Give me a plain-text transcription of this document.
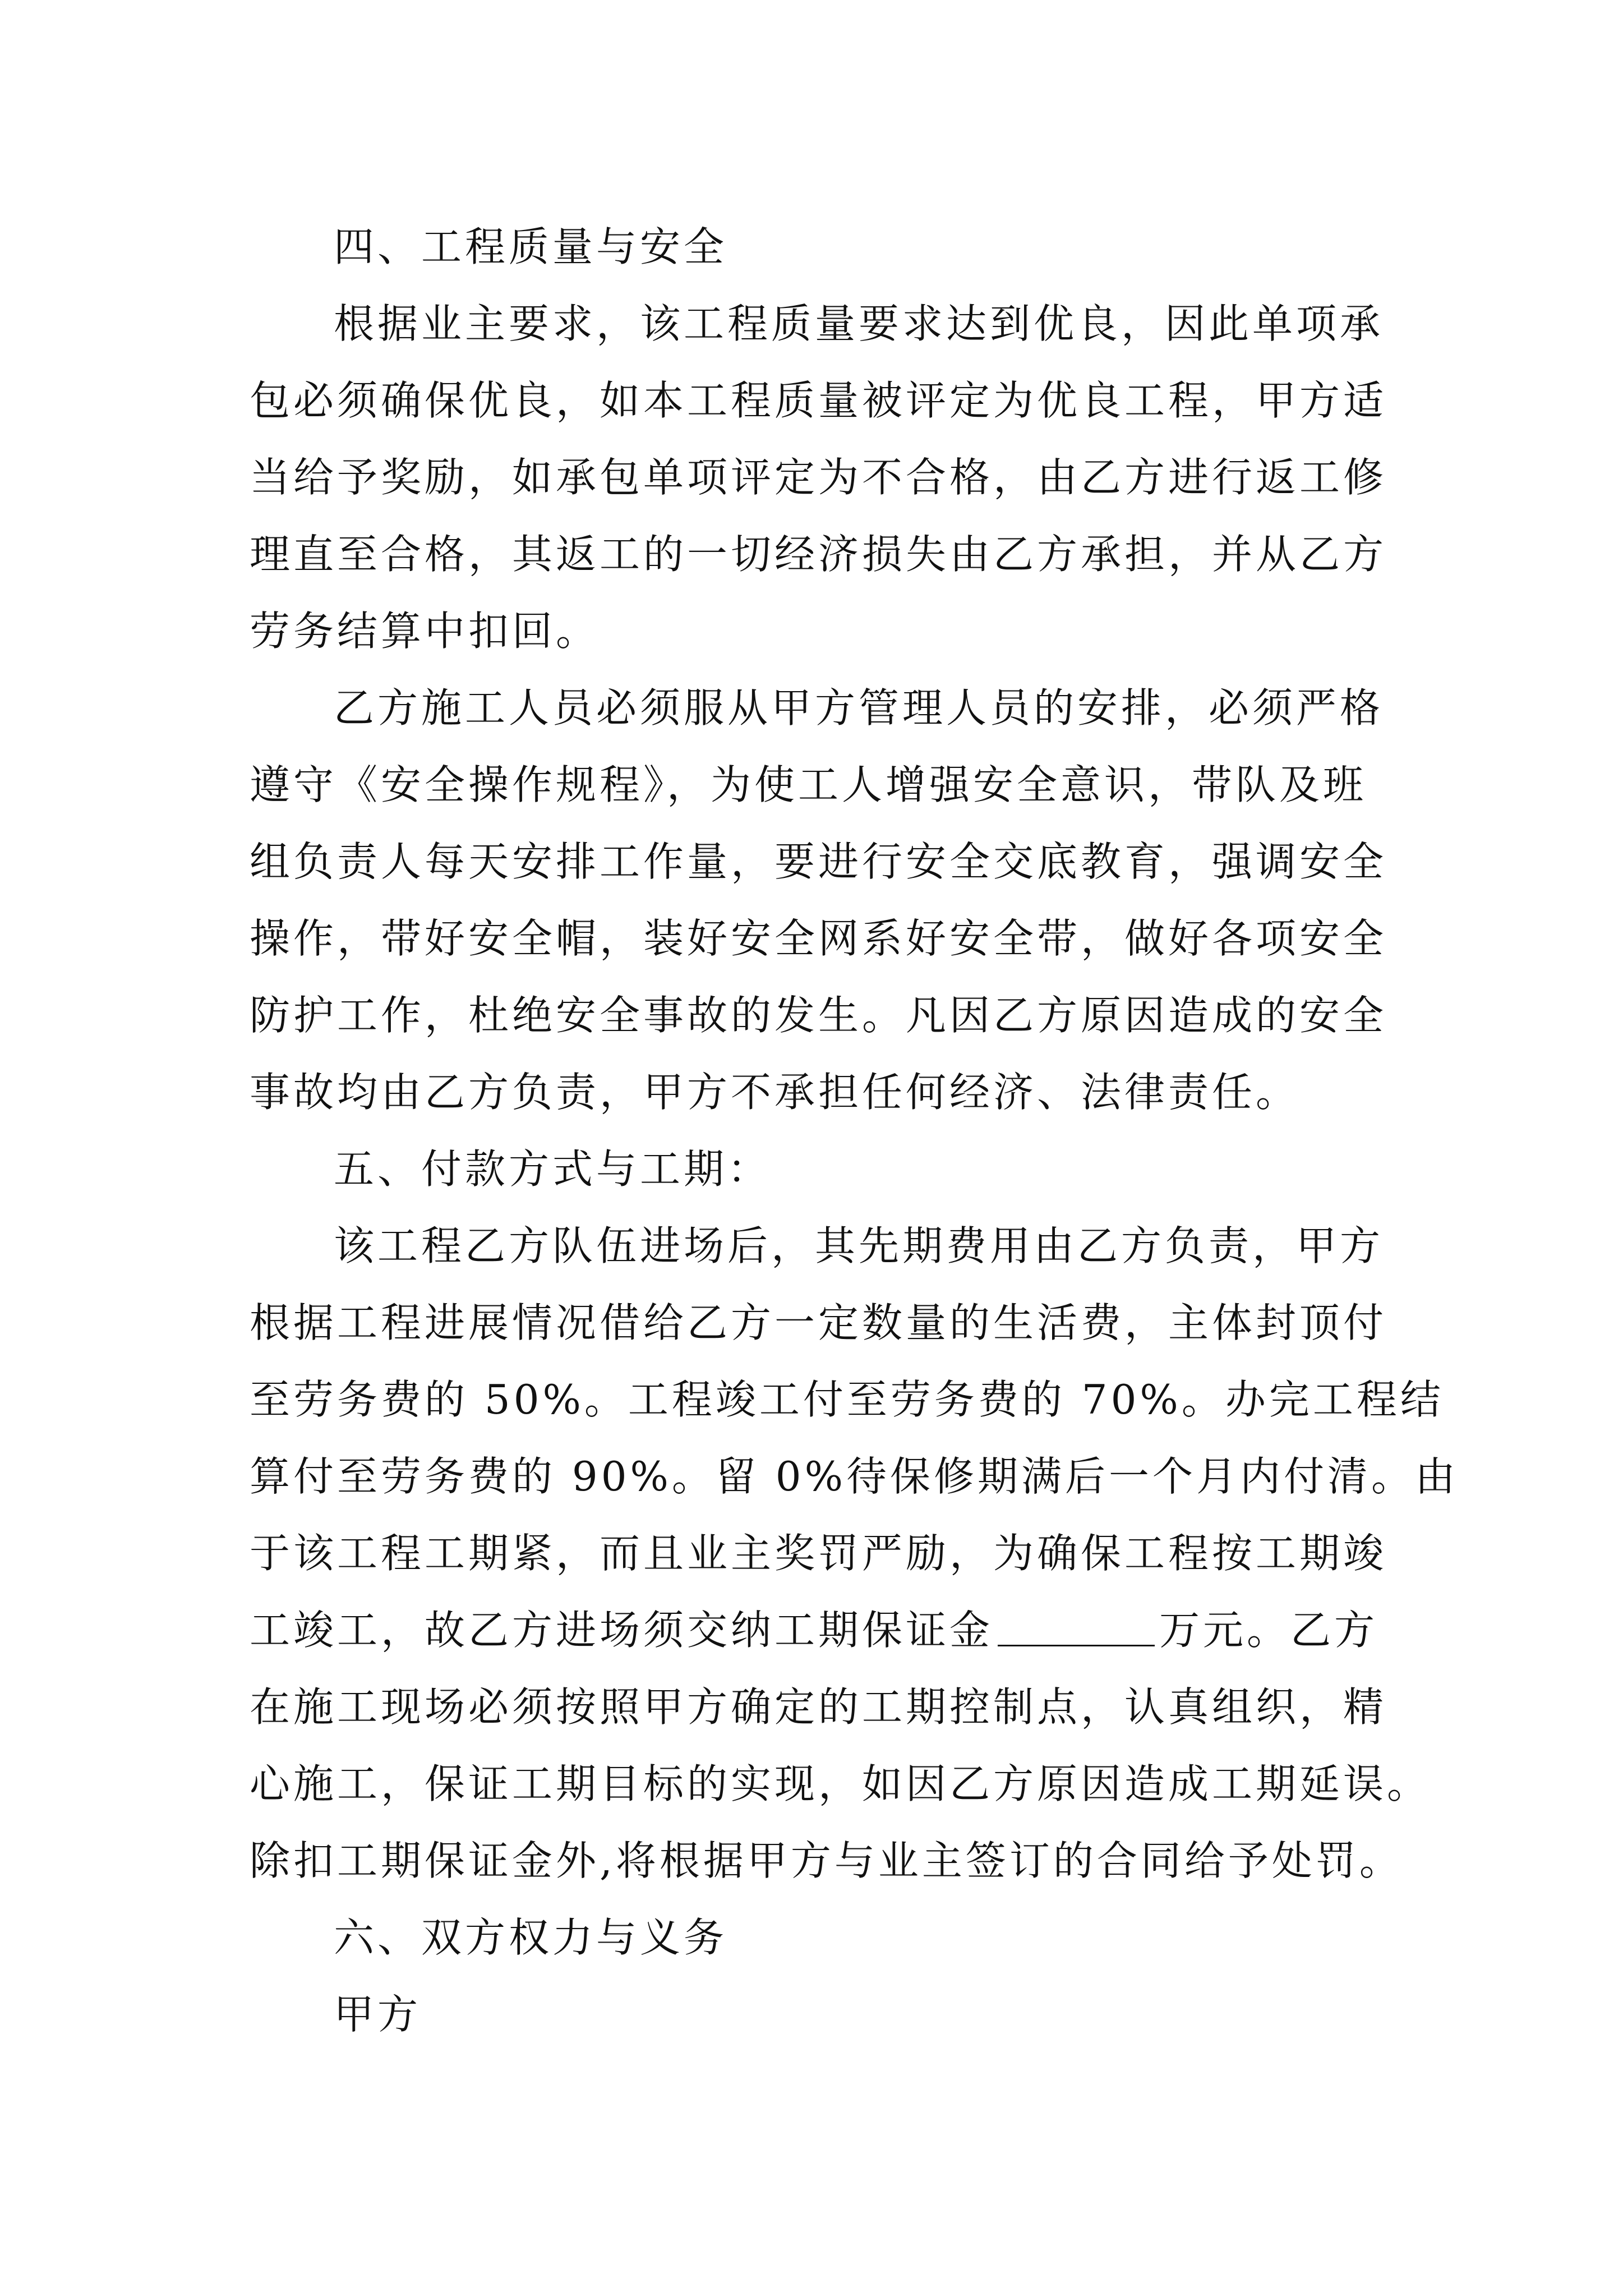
四、工程质量与安全
根据业主要求，该工程质量要求达到优良，因此单项承
包必须确保优良，如本工程质量被评定为优良工程，甲方适
当给予奖励，如承包单项评定为不合格，由乙方进行返工修
理直至合格，其返工的一切经济损失由乙方承担，并从乙方
劳务结算中扣回。
乙方施工人员必须服从甲方管理人员的安排，必须严格
遵守《安全操作规程》，为使工人增强安全意识，带队及班
组负责人每天安排工作量，要进行安全交底教育，强调安全
操作，带好安全帽，装好安全网系好安全带，做好各项安全
防护工作，杜绝安全事故的发生。凡因乙方原因造成的安全
事故均由乙方负责，甲方不承担任何经济、法律责任。
五、付款方式与工期：
该工程乙方队伍进场后，其先期费用由乙方负责，甲方
根据工程进展情况借给乙方一定数量的生活费，主体封顶付
至劳务费的 50%。工程竣工付至劳务费的 70%。办完工程结
算付至劳务费的 90%。留 0%待保修期满后一个月内付清。由
于该工程工期紧，而且业主奖罚严励，为确保工程按工期竣
工竣工，故乙方进场须交纳工期保证金	万元。乙方
在施工现场必须按照甲方确定的工期控制点，认真组织，精
心施工，保证工期目标的实现，如因乙方原因造成工期延误。
除扣工期保证金外,将根据甲方与业主签订的合同给予处罚。
六、双方权力与义务
甲方
